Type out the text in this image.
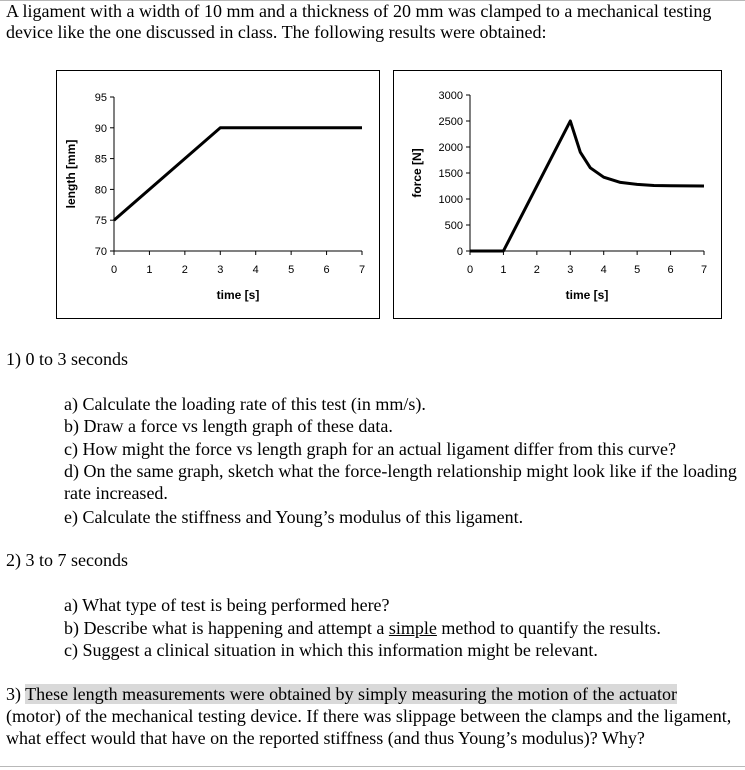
A ligament with a width of 10 mm and a thickness of 20 mm was clamped to a mechanical testing device like the one discussed in class. The following results were obtained:
70
75
80
85
90
95
0	1	2	3	4	5	6	7
time [s]
length [mm]
0
500
1000
1500
2000
2500
3000
0 1 2 3 4 5 6 7
time [s]
force [N]
1) 0 to 3 seconds
a) Calculate the loading rate of this test (in mm/s).
b) Draw a force vs length graph of these data.
c) How might the force vs length graph for an actual ligament differ from this curve?
d) On the same graph, sketch what the force-length relationship might look like if the loading rate increased.
e) Calculate the stiffness and Young’s modulus of this ligament.
2) 3 to 7 seconds
a) What type of test is being performed here?
b) Describe what is happening and attempt a simple method to quantify the results.
c) Suggest a clinical situation in which this information might be relevant.
3) These length measurements were obtained by simply measuring the motion of the actuator
(motor) of the mechanical testing device. If there was slippage between the clamps and the ligament, what effect would that have on the reported stiffness (and thus Young’s modulus)? Why?
